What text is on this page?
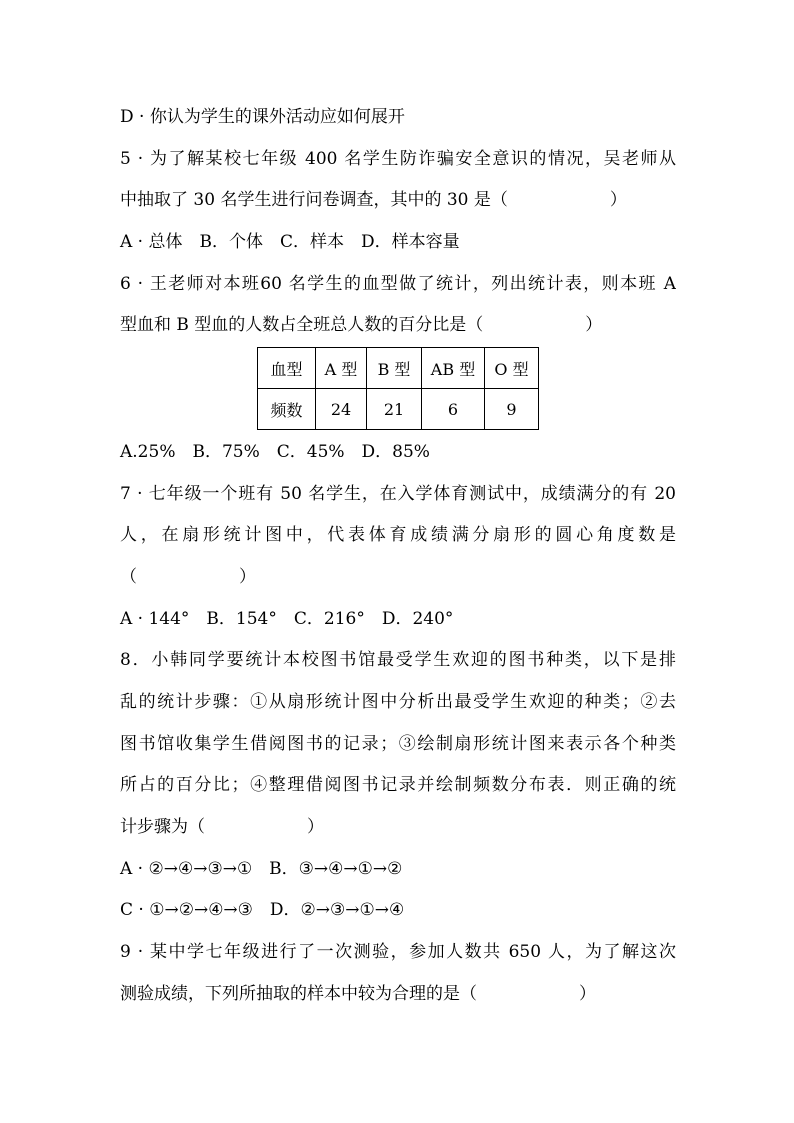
D · 你认为学生的课外活动应如何展开
5 · 为了解某校七年级 400 名学生防诈骗安全意识的情况，吴老师从
中抽取了 30 名学生进行问卷调查，其中的 30 是（　　　　　　）
A · 总体　B．个体　C．样本　D．样本容量
6 · 王老师对本班60 名学生的血型做了统计，列出统计表，则本班 A
型血和 B 型血的人数占全班总人数的百分比是（　　　　　　）
血型	A 型	B 型	AB 型	O 型
频数	24	21	6	9
A.25%　B．75%　C．45%　D．85%
7 · 七年级一个班有 50 名学生，在入学体育测试中，成绩满分的有 20
人，在扇形统计图中，代表体育成绩满分扇形的圆心角度数是
（　　　　　　）
A · 144°　B．154°　C．216°　D．240°
8．小韩同学要统计本校图书馆最受学生欢迎的图书种类，以下是排
乱的统计步骤：①从扇形统计图中分析出最受学生欢迎的种类；②去
图书馆收集学生借阅图书的记录；③绘制扇形统计图来表示各个种类
所占的百分比；④整理借阅图书记录并绘制频数分布表．则正确的统
计步骤为（　　　　　　）
A · ②→④→③→①　B．③→④→①→②
C · ①→②→④→③　D．②→③→①→④
9 · 某中学七年级进行了一次测验，参加人数共 650 人，为了解这次
测验成绩，下列所抽取的样本中较为合理的是（　　　　　　）
